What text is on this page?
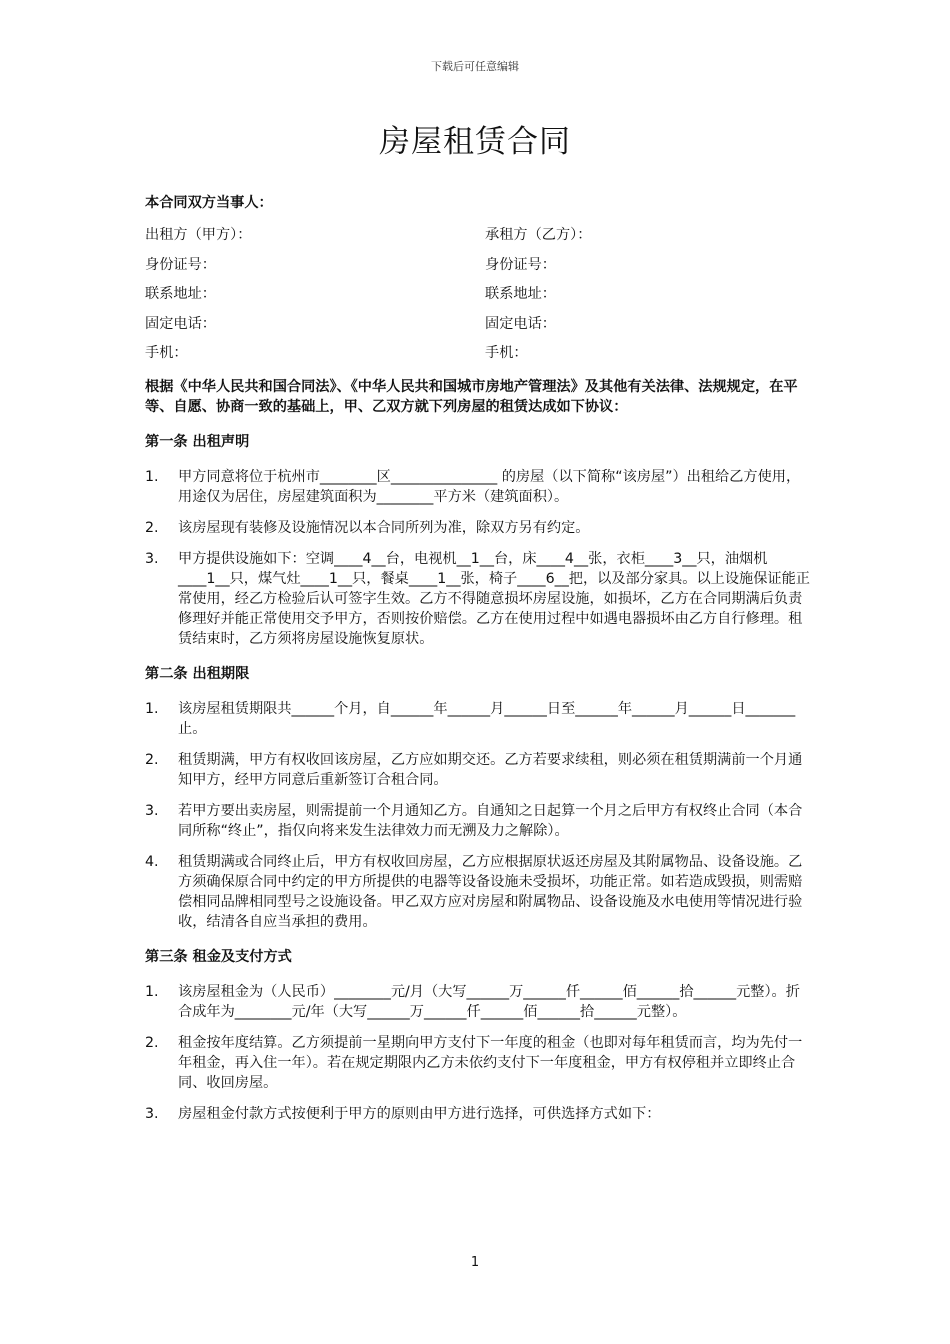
下载后可任意编辑
房屋租赁合同
本合同双方当事人：
出租方（甲方）：	承租方（乙方）：
身份证号：	身份证号：
联系地址：	联系地址：
固定电话：	固定电话：
手机：	手机：
根据《中华人民共和国合同法》、《中华人民共和国城市房地产管理法》及其他有关法律、法规规定，在平等、自愿、协商一致的基础上，甲、乙双方就下列房屋的租赁达成如下协议：
第一条 出租声明
1.	甲方同意将位于杭州市________区_______________ 的房屋（以下简称“该房屋”）出租给乙方使用，用途仅为居住，房屋建筑面积为________平方米（建筑面积）。
2.	该房屋现有装修及设施情况以本合同所列为准，除双方另有约定。
3.	甲方提供设施如下：空调____4__台，电视机__1__台，床____4__张，衣柜____3__只，油烟机____1__只，煤气灶____1__只，餐桌____1__张，椅子____6__把，以及部分家具。以上设施保证能正常使用，经乙方检验后认可签字生效。乙方不得随意损坏房屋设施，如损坏，乙方在合同期满后负责修理好并能正常使用交予甲方，否则按价赔偿。乙方在使用过程中如遇电器损坏由乙方自行修理。租赁结束时，乙方须将房屋设施恢复原状。
第二条 出租期限
1.	该房屋租赁期限共______个月，自______年______月______日至______年______月______日_______止。
2.	租赁期满，甲方有权收回该房屋，乙方应如期交还。乙方若要求续租，则必须在租赁期满前一个月通知甲方，经甲方同意后重新签订合租合同。
3.	若甲方要出卖房屋，则需提前一个月通知乙方。自通知之日起算一个月之后甲方有权终止合同（本合同所称“终止”，指仅向将来发生法律效力而无溯及力之解除）。
4.	租赁期满或合同终止后，甲方有权收回房屋，乙方应根据原状返还房屋及其附属物品、设备设施。乙方须确保原合同中约定的甲方所提供的电器等设备设施未受损坏，功能正常。如若造成毁损，则需赔偿相同品牌相同型号之设施设备。甲乙双方应对房屋和附属物品、设备设施及水电使用等情况进行验收，结清各自应当承担的费用。
第三条 租金及支付方式
1.	该房屋租金为（人民币）________元/月（大写______万______仟______佰______拾______元整）。折合成年为________元/年（大写______万______仟______佰______拾______元整）。
2.	租金按年度结算。乙方须提前一星期向甲方支付下一年度的租金（也即对每年租赁而言，均为先付一年租金，再入住一年）。若在规定期限内乙方未依约支付下一年度租金，甲方有权停租并立即终止合同、收回房屋。
3.	房屋租金付款方式按便利于甲方的原则由甲方进行选择，可供选择方式如下：
1
